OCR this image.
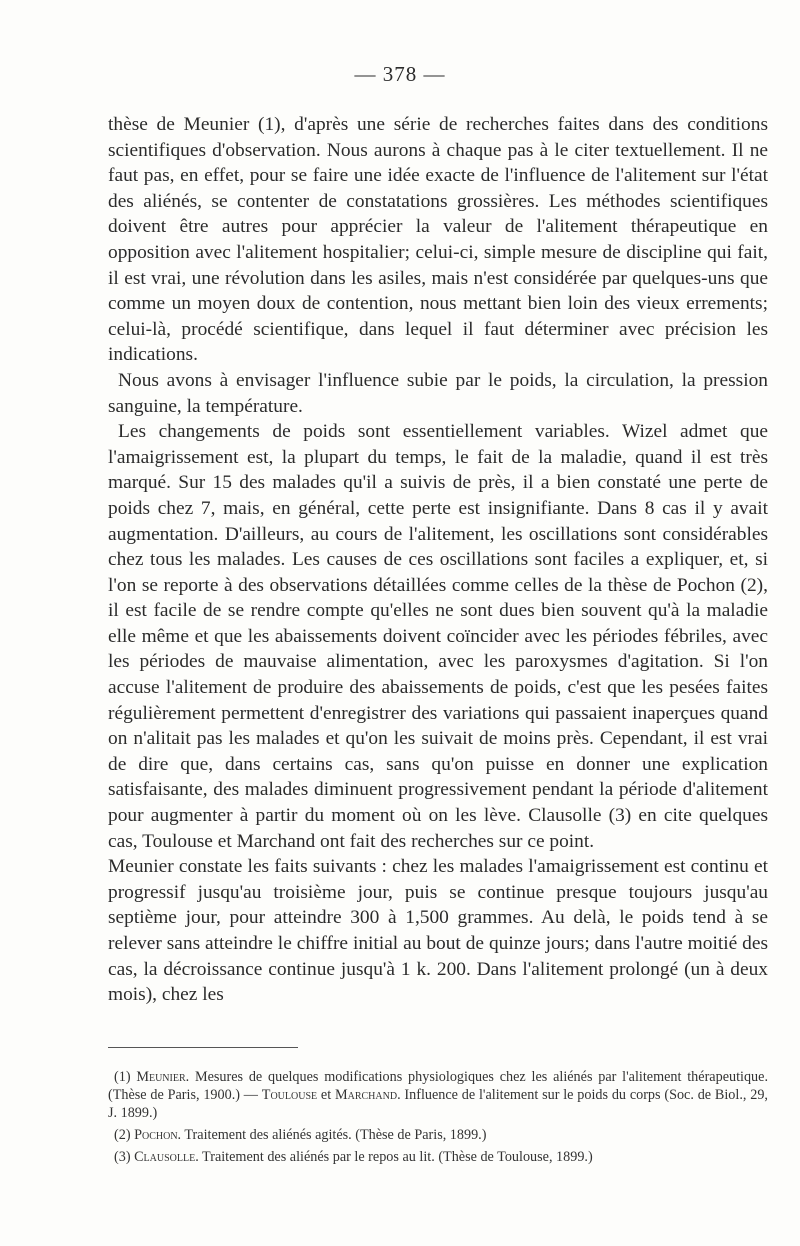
— 378 —

thèse de Meunier (1), d'après une série de recherches faites dans des conditions scientifiques d'observation. Nous aurons à chaque pas à le citer textuellement. Il ne faut pas, en effet, pour se faire une idée exacte de l'influence de l'alitement sur l'état des aliénés, se contenter de constatations grossières. Les méthodes scientifiques doivent être autres pour apprécier la valeur de l'alitement thérapeutique en opposition avec l'alitement hospitalier; celui-ci, simple mesure de discipline qui fait, il est vrai, une révolution dans les asiles, mais n'est considérée par quelques-uns que comme un moyen doux de contention, nous mettant bien loin des vieux errements; celui-là, procédé scientifique, dans lequel il faut déterminer avec précision les indications.

Nous avons à envisager l'influence subie par le poids, la circulation, la pression sanguine, la température.

Les changements de poids sont essentiellement variables. Wizel admet que l'amaigrissement est, la plupart du temps, le fait de la maladie, quand il est très marqué. Sur 15 des malades qu'il a suivis de près, il a bien constaté une perte de poids chez 7, mais, en général, cette perte est insignifiante. Dans 8 cas il y avait augmentation. D'ailleurs, au cours de l'alitement, les oscillations sont considérables chez tous les malades. Les causes de ces oscillations sont faciles a expliquer, et, si l'on se reporte à des observations détaillées comme celles de la thèse de Pochon (2), il est facile de se rendre compte qu'elles ne sont dues bien souvent qu'à la maladie elle même et que les abaissements doivent coïncider avec les périodes fébriles, avec les périodes de mauvaise alimentation, avec les paroxysmes d'agitation. Si l'on accuse l'alitement de produire des abaissements de poids, c'est que les pesées faites régulièrement permettent d'enregistrer des variations qui passaient inaperçues quand on n'alitait pas les malades et qu'on les suivait de moins près. Cependant, il est vrai de dire que, dans certains cas, sans qu'on puisse en donner une explication satisfaisante, des malades diminuent progressivement pendant la période d'alitement pour augmenter à partir du moment où on les lève. Clausolle (3) en cite quelques cas, Toulouse et Marchand ont fait des recherches sur ce point.

Meunier constate les faits suivants : chez les malades l'amaigrissement est continu et progressif jusqu'au troisième jour, puis se continue presque toujours jusqu'au septième jour, pour atteindre 300 à 1,500 grammes. Au delà, le poids tend à se relever sans atteindre le chiffre initial au bout de quinze jours; dans l'autre moitié des cas, la décroissance continue jusqu'à 1 k. 200. Dans l'alitement prolongé (un à deux mois), chez les

(1) Meunier. Mesures de quelques modifications physiologiques chez les aliénés par l'alitement thérapeutique. (Thèse de Paris, 1900.) — Toulouse et Marchand. Influence de l'alitement sur le poids du corps (Soc. de Biol., 29, J. 1899.)

(2) Pochon. Traitement des aliénés agités. (Thèse de Paris, 1899.)

(3) Clausolle. Traitement des aliénés par le repos au lit. (Thèse de Toulouse, 1899.)
